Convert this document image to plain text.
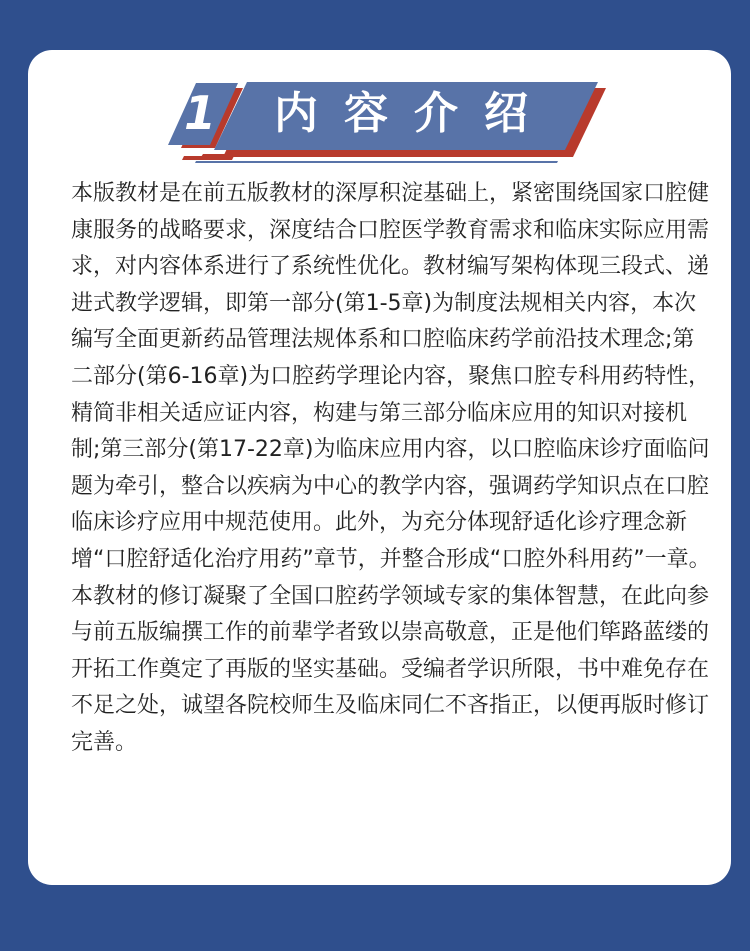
1	内容介绍

本版教材是在前五版教材的深厚积淀基础上，紧密围绕国家口腔健康服务的战略要求，深度结合口腔医学教育需求和临床实际应用需求，对内容体系进行了系统性优化。教材编写架构体现三段式、递进式教学逻辑，即第一部分(第1-5章)为制度法规相关内容，本次编写全面更新药品管理法规体系和口腔临床药学前沿技术理念;第二部分(第6-16章)为口腔药学理论内容，聚焦口腔专科用药特性，精简非相关适应证内容，构建与第三部分临床应用的知识对接机制;第三部分(第17-22章)为临床应用内容，以口腔临床诊疗面临问题为牵引，整合以疾病为中心的教学内容，强调药学知识点在口腔临床诊疗应用中规范使用。此外，为充分体现舒适化诊疗理念新增“口腔舒适化治疗用药”章节，并整合形成“口腔外科用药”一章。

本教材的修订凝聚了全国口腔药学领域专家的集体智慧，在此向参与前五版编撰工作的前辈学者致以崇高敬意，正是他们筚路蓝缕的开拓工作奠定了再版的坚实基础。受编者学识所限，书中难免存在不足之处，诚望各院校师生及临床同仁不吝指正，以便再版时修订完善。
